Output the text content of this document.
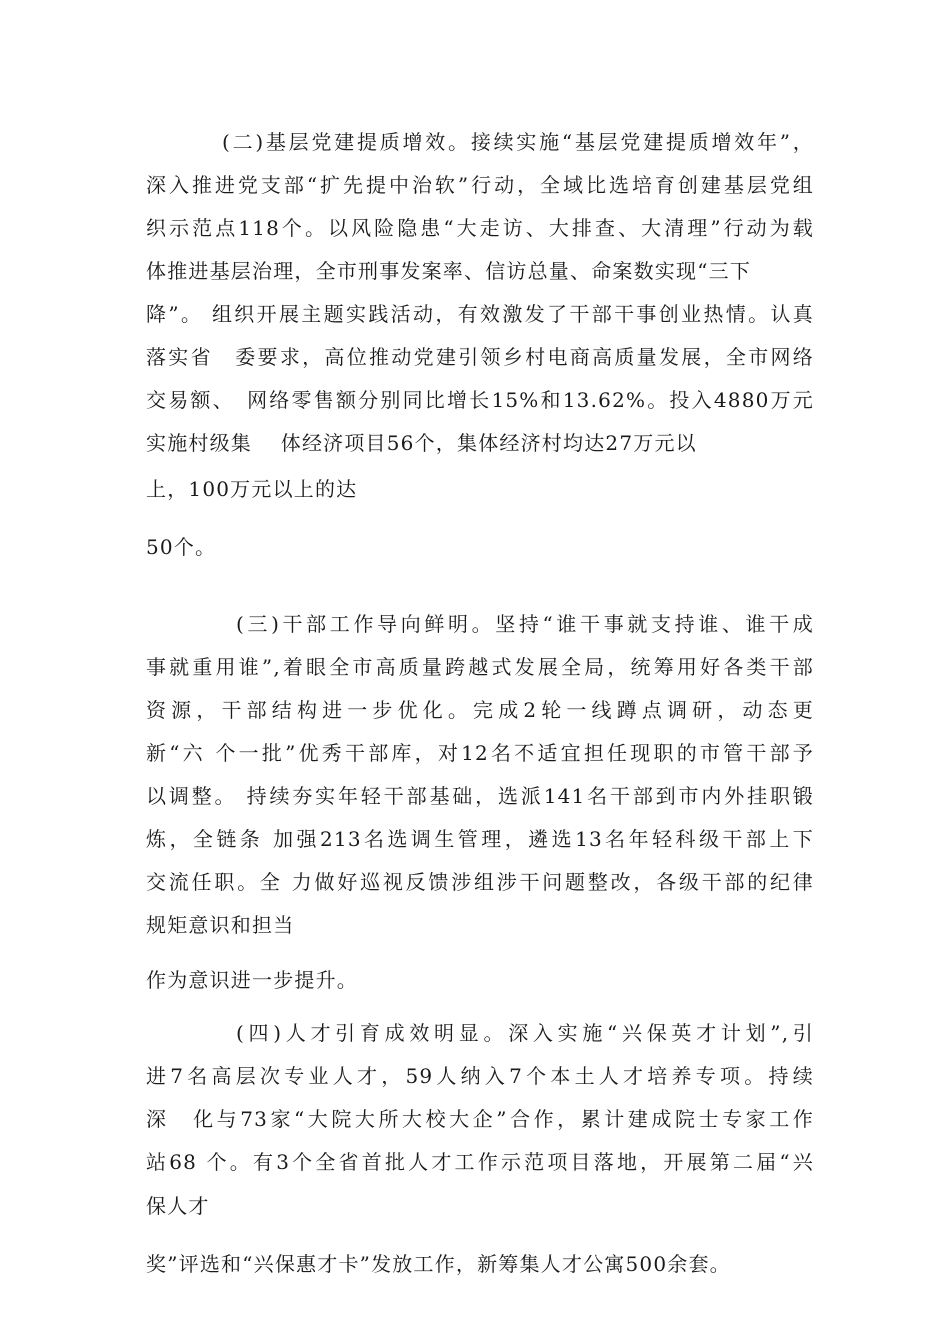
(二)基层党建提质增效。接续实施“基层党建提质增效年”，
深入推进党支部“扩先提中治软”行动，全域比选培育创建基层党组
织示范点118个。以风险隐患“大走访、大排查、大清理”行动为载
体推进基层治理，全市刑事发案率、信访总量、命案数实现“三下
降”。 组织开展主题实践活动，有效激发了干部干事创业热情。认真
落实省　委要求，高位推动党建引领乡村电商高质量发展，全市网络
交易额、　网络零售额分别同比增长15%和13.62%。投入4880万元
实施村级集　 体经济项目56个，集体经济村均达27万元以
上，100万元以上的达
50个。
(三)干部工作导向鲜明。坚持“谁干事就支持谁、谁干成
事就重用谁”,着眼全市高质量跨越式发展全局，统筹用好各类干部
资源，干部结构进一步优化。完成2轮一线蹲点调研，动态更
新“六 个一批”优秀干部库，对12名不适宜担任现职的市管干部予
以调整。 持续夯实年轻干部基础，选派141名干部到市内外挂职锻
炼，全链条 加强213名选调生管理，遴选13名年轻科级干部上下
交流任职。全 力做好巡视反馈涉组涉干问题整改，各级干部的纪律
规矩意识和担当
作为意识进一步提升。
(四)人才引育成效明显。深入实施“兴保英才计划”,引
进7名高层次专业人才，59人纳入7个本土人才培养专项。持续
深　化与73家“大院大所大校大企”合作，累计建成院士专家工作
站68 个。有3个全省首批人才工作示范项目落地，开展第二届“兴
保人才
奖”评选和“兴保惠才卡”发放工作，新筹集人才公寓500余套。
